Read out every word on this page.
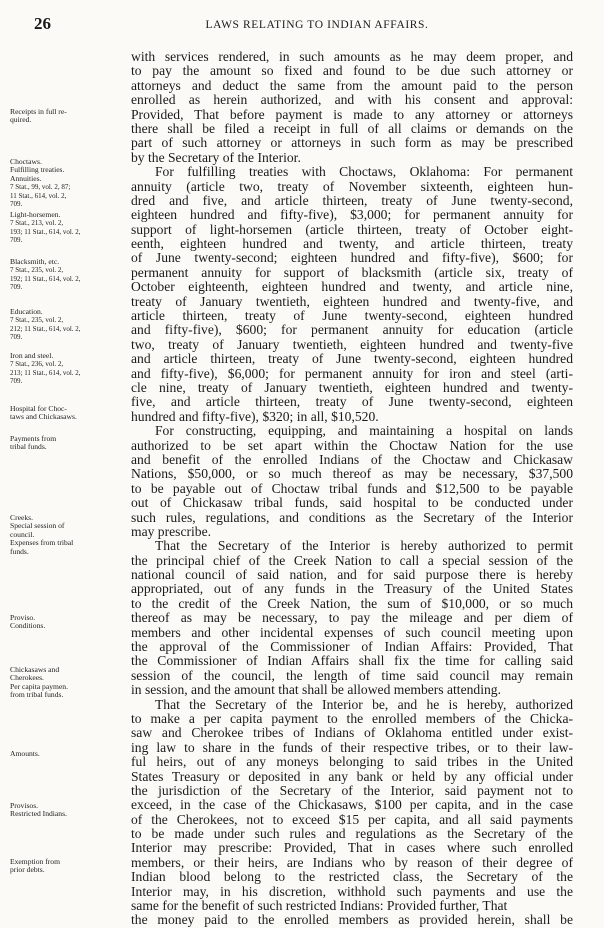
26	LAWS RELATING TO INDIAN AFFAIRS.
Receipts in full re-
quired.
Choctaws.
Fulfilling treaties.
Annuities.
7 Stat., 99, vol. 2, 87;
11 Stat., 614, vol. 2,
709.
Light-horsemen.
7 Stat., 213, vol. 2,
193; 11 Stat., 614, vol. 2,
709.
Blacksmith, etc.
7 Stat., 235, vol. 2,
192; 11 Stat., 614, vol. 2,
709.
Education.
7 Stat., 235, vol. 2,
212; 11 Stat., 614, vol. 2,
709.
Iron and steel.
7 Stat., 236, vol. 2,
213; 11 Stat., 614, vol. 2,
709.
Hospital for Choc-
taws and Chickasaws.
Payments from
tribal funds.
Creeks.
Special session of
council.
Expenses from tribal
funds.
Proviso.
Conditions.
Chickasaws and
Cherokees.
Per capita paymen.
from tribal funds.
Amounts.
Provisos.
Restricted Indians.
Exemption from
prior debts.
with services rendered, in such amounts as he may deem proper, and
to pay the amount so fixed and found to be due such attorney or
attorneys and deduct the same from the amount paid to the person
enrolled as herein authorized, and with his consent and approval:
Provided, That before payment is made to any attorney or attorneys
there shall be filed a receipt in full of all claims or demands on the
part of such attorney or attorneys in such form as may be prescribed
by the Secretary of the Interior.
For fulfilling treaties with Choctaws, Oklahoma: For permanent
annuity (article two, treaty of November sixteenth, eighteen hun-
dred and five, and article thirteen, treaty of June twenty-second,
eighteen hundred and fifty-five), $3,000; for permanent annuity for
support of light-horsemen (article thirteen, treaty of October eight-
eenth, eighteen hundred and twenty, and article thirteen, treaty
of June twenty-second; eighteen hundred and fifty-five), $600; for
permanent annuity for support of blacksmith (article six, treaty of
October eighteenth, eighteen hundred and twenty, and article nine,
treaty of January twentieth, eighteen hundred and twenty-five, and
article thirteen, treaty of June twenty-second, eighteen hundred
and fifty-five), $600; for permanent annuity for education (article
two, treaty of January twentieth, eighteen hundred and twenty-five
and article thirteen, treaty of June twenty-second, eighteen hundred
and fifty-five), $6,000; for permanent annuity for iron and steel (arti-
cle nine, treaty of January twentieth, eighteen hundred and twenty-
five, and article thirteen, treaty of June twenty-second, eighteen
hundred and fifty-five), $320; in all, $10,520.
For constructing, equipping, and maintaining a hospital on lands
authorized to be set apart within the Choctaw Nation for the use
and benefit of the enrolled Indians of the Choctaw and Chickasaw
Nations, $50,000, or so much thereof as may be necessary, $37,500
to be payable out of Choctaw tribal funds and $12,500 to be payable
out of Chickasaw tribal funds, said hospital to be conducted under
such rules, regulations, and conditions as the Secretary of the Interior
may prescribe.
That the Secretary of the Interior is hereby authorized to permit
the principal chief of the Creek Nation to call a special session of the
national council of said nation, and for said purpose there is hereby
appropriated, out of any funds in the Treasury of the United States
to the credit of the Creek Nation, the sum of $10,000, or so much
thereof as may be necessary, to pay the mileage and per diem of
members and other incidental expenses of such council meeting upon
the approval of the Commissioner of Indian Affairs: Provided, That
the Commissioner of Indian Affairs shall fix the time for calling said
session of the council, the length of time said council may remain
in session, and the amount that shall be allowed members attending.
That the Secretary of the Interior be, and he is hereby, authorized
to make a per capita payment to the enrolled members of the Chicka-
saw and Cherokee tribes of Indians of Oklahoma entitled under exist-
ing law to share in the funds of their respective tribes, or to their law-
ful heirs, out of any moneys belonging to said tribes in the United
States Treasury or deposited in any bank or held by any official under
the jurisdiction of the Secretary of the Interior, said payment not to
exceed, in the case of the Chickasaws, $100 per capita, and in the case
of the Cherokees, not to exceed $15 per capita, and all said payments
to be made under such rules and regulations as the Secretary of the
Interior may prescribe: Provided, That in cases where such enrolled
members, or their heirs, are Indians who by reason of their degree of
Indian blood belong to the restricted class, the Secretary of the
Interior may, in his discretion, withhold such payments and use the
same for the benefit of such restricted Indians: Provided further, That
the money paid to the enrolled members as provided herein, shall be
